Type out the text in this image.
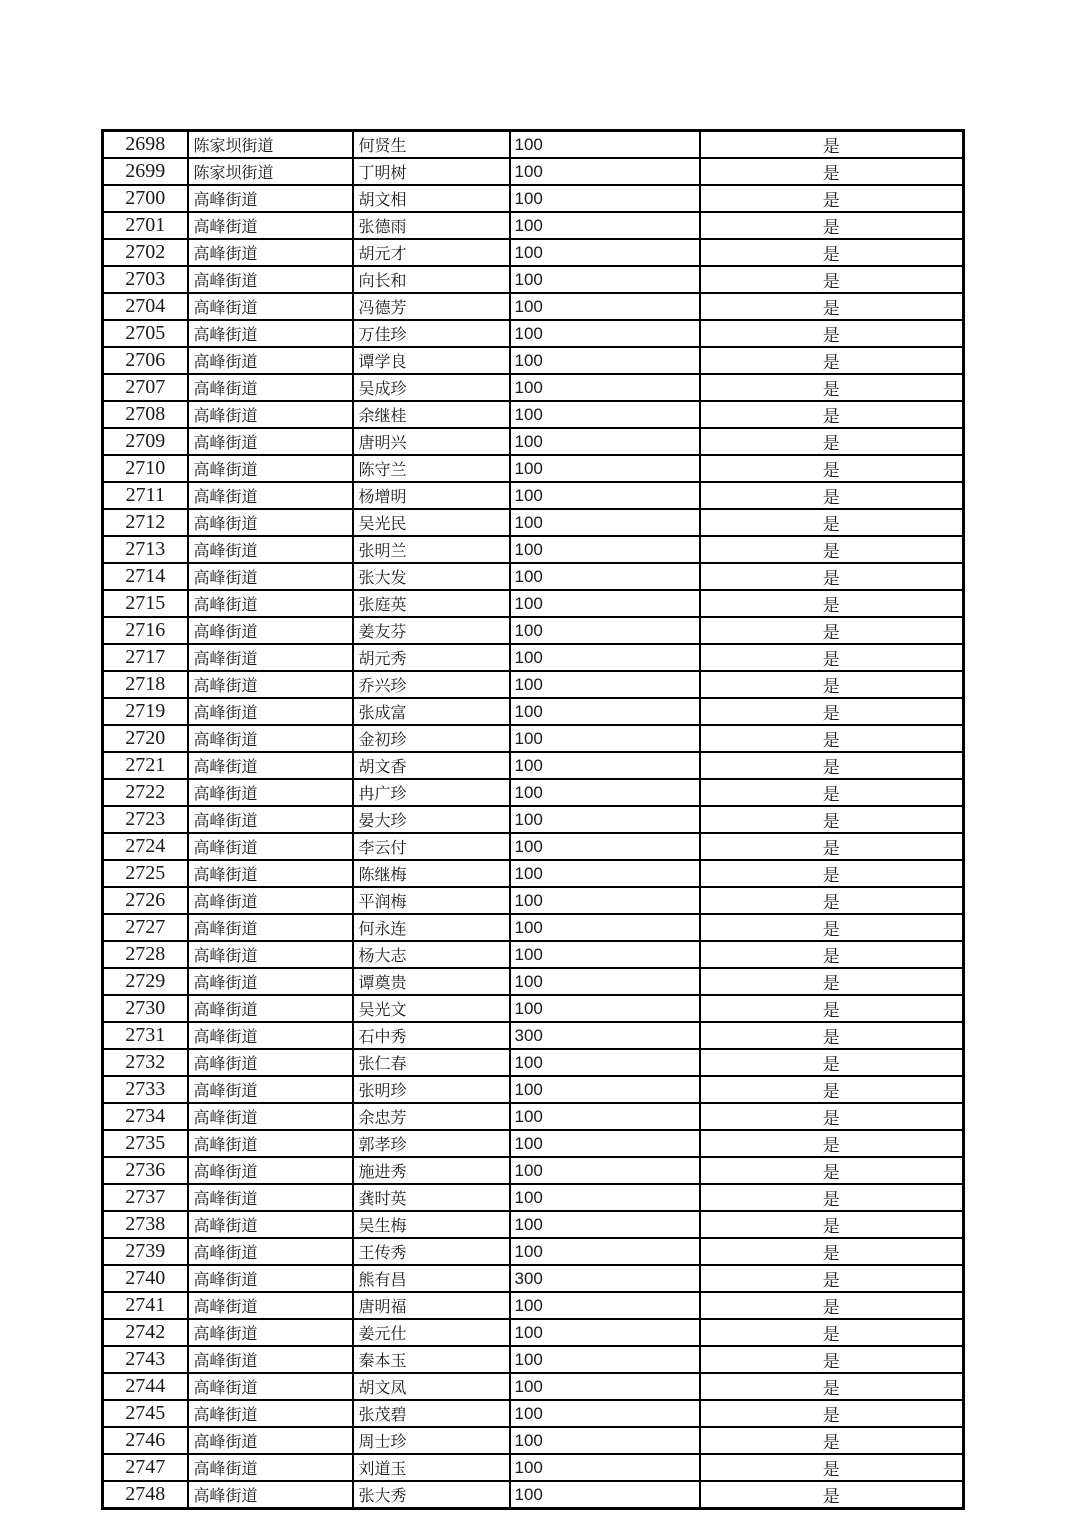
2698	陈家坝街道	何贤生	100	是
2699	陈家坝街道	丁明树	100	是
2700	高峰街道	胡文相	100	是
2701	高峰街道	张德雨	100	是
2702	高峰街道	胡元才	100	是
2703	高峰街道	向长和	100	是
2704	高峰街道	冯德芳	100	是
2705	高峰街道	万佳珍	100	是
2706	高峰街道	谭学良	100	是
2707	高峰街道	吴成珍	100	是
2708	高峰街道	余继桂	100	是
2709	高峰街道	唐明兴	100	是
2710	高峰街道	陈守兰	100	是
2711	高峰街道	杨增明	100	是
2712	高峰街道	吴光民	100	是
2713	高峰街道	张明兰	100	是
2714	高峰街道	张大发	100	是
2715	高峰街道	张庭英	100	是
2716	高峰街道	姜友芬	100	是
2717	高峰街道	胡元秀	100	是
2718	高峰街道	乔兴珍	100	是
2719	高峰街道	张成富	100	是
2720	高峰街道	金初珍	100	是
2721	高峰街道	胡文香	100	是
2722	高峰街道	冉广珍	100	是
2723	高峰街道	晏大珍	100	是
2724	高峰街道	李云付	100	是
2725	高峰街道	陈继梅	100	是
2726	高峰街道	平润梅	100	是
2727	高峰街道	何永连	100	是
2728	高峰街道	杨大志	100	是
2729	高峰街道	谭奠贵	100	是
2730	高峰街道	吴光文	100	是
2731	高峰街道	石中秀	300	是
2732	高峰街道	张仁春	100	是
2733	高峰街道	张明珍	100	是
2734	高峰街道	余忠芳	100	是
2735	高峰街道	郭孝珍	100	是
2736	高峰街道	施进秀	100	是
2737	高峰街道	龚时英	100	是
2738	高峰街道	吴生梅	100	是
2739	高峰街道	王传秀	100	是
2740	高峰街道	熊有昌	300	是
2741	高峰街道	唐明福	100	是
2742	高峰街道	姜元仕	100	是
2743	高峰街道	秦本玉	100	是
2744	高峰街道	胡文凤	100	是
2745	高峰街道	张茂碧	100	是
2746	高峰街道	周士珍	100	是
2747	高峰街道	刘道玉	100	是
2748	高峰街道	张大秀	100	是
